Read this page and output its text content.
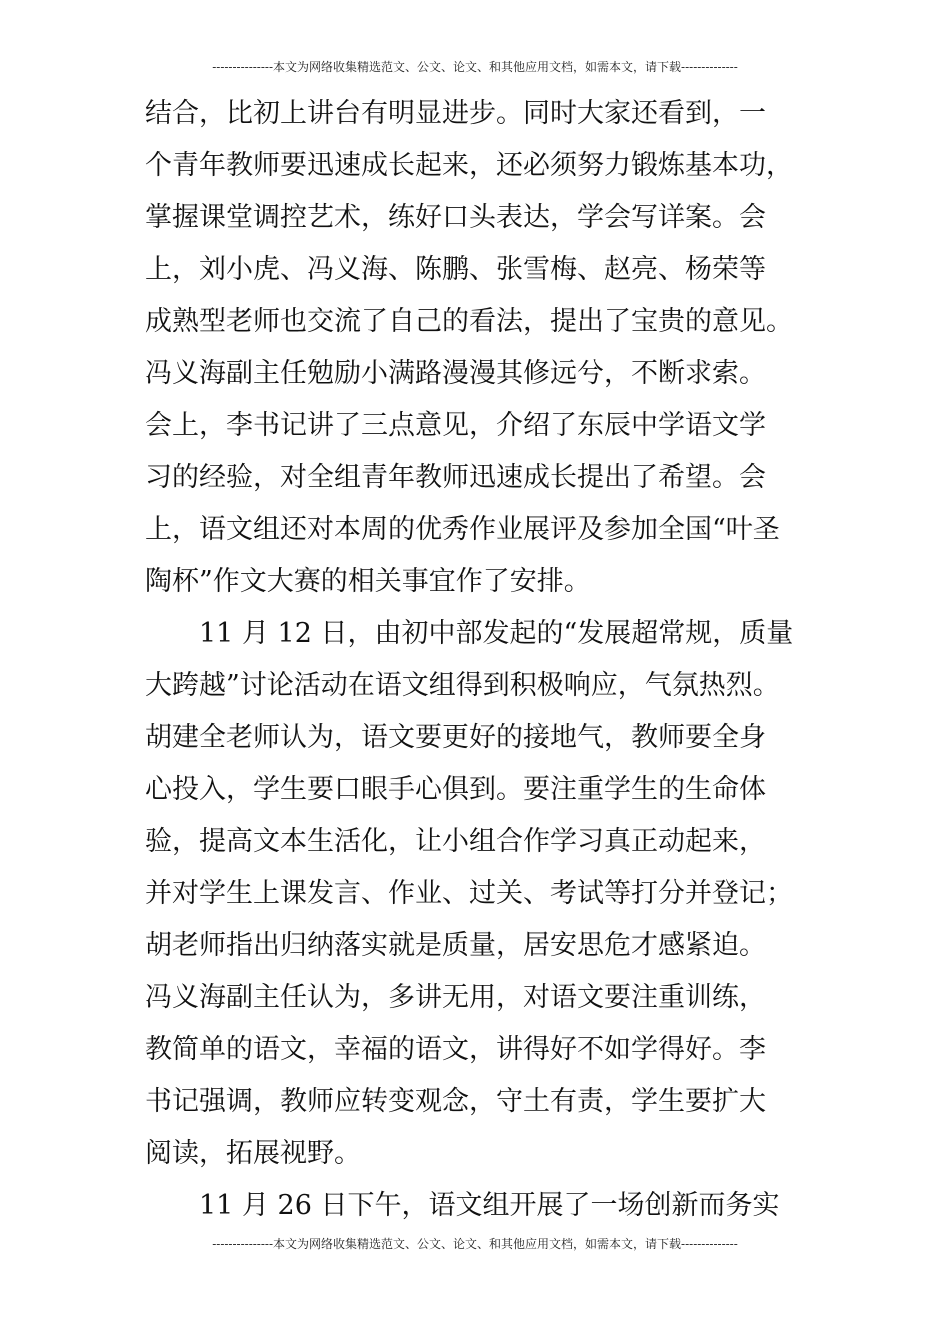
---------------本文为网络收集精选范文、公文、论文、和其他应用文档，如需本文，请下载--------------
结合，比初上讲台有明显进步。同时大家还看到，一
个青年教师要迅速成长起来，还必须努力锻炼基本功，
掌握课堂调控艺术，练好口头表达，学会写详案。会
上，刘小虎、冯义海、陈鹏、张雪梅、赵亮、杨荣等
成熟型老师也交流了自己的看法，提出了宝贵的意见。
冯义海副主任勉励小满路漫漫其修远兮，不断求索。
会上，李书记讲了三点意见，介绍了东辰中学语文学
习的经验，对全组青年教师迅速成长提出了希望。会
上，语文组还对本周的优秀作业展评及参加全国“叶圣
陶杯”作文大赛的相关事宜作了安排。
　　11 月 12 日，由初中部发起的“发展超常规，质量
大跨越”讨论活动在语文组得到积极响应，气氛热烈。
胡建全老师认为，语文要更好的接地气，教师要全身
心投入，学生要口眼手心俱到。要注重学生的生命体
验，提高文本生活化，让小组合作学习真正动起来，
并对学生上课发言、作业、过关、考试等打分并登记；
胡老师指出归纳落实就是质量，居安思危才感紧迫。
冯义海副主任认为，多讲无用，对语文要注重训练，
教简单的语文，幸福的语文，讲得好不如学得好。李
书记强调，教师应转变观念，守土有责，学生要扩大
阅读，拓展视野。
　　11 月 26 日下午，语文组开展了一场创新而务实
---------------本文为网络收集精选范文、公文、论文、和其他应用文档，如需本文，请下载--------------
